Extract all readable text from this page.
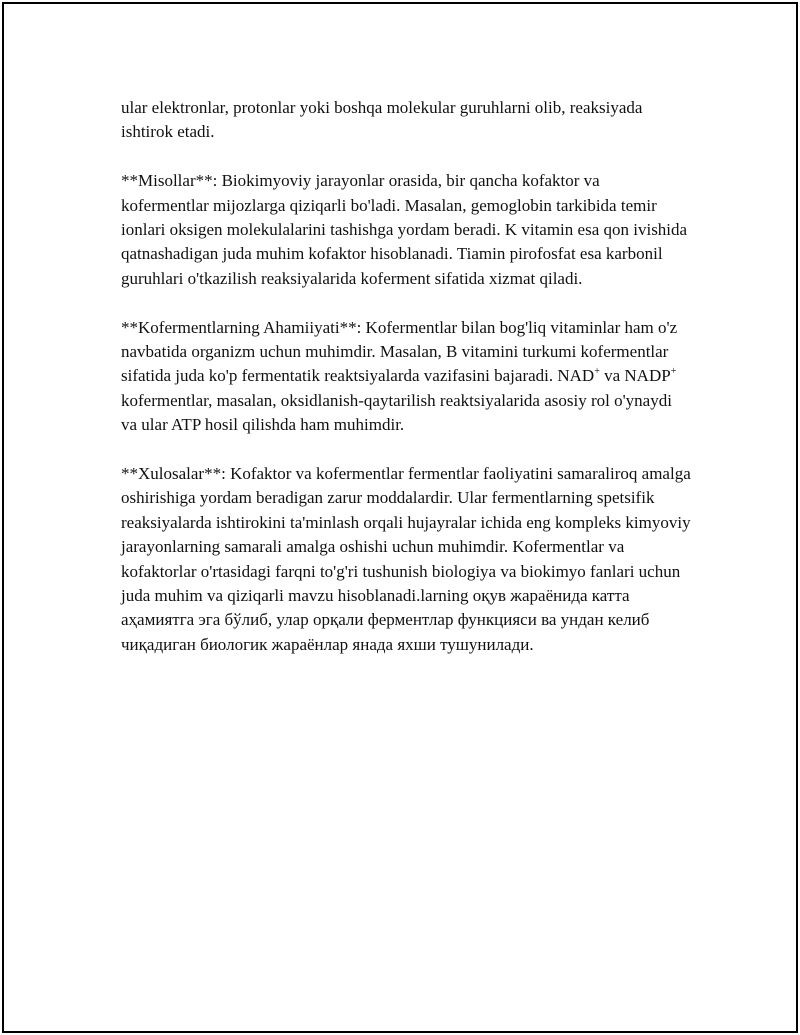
ular elektronlar, protonlar yoki boshqa molekular guruhlarni olib, reaksiyada ishtirok etadi.

**Misollar**: Biokimyoviy jarayonlar orasida, bir qancha kofaktor va kofermentlar mijozlarga qiziqarli bo'ladi. Masalan, gemoglobin tarkibida temir ionlari oksigen molekulalarini tashishga yordam beradi. K vitamin esa qon ivishida qatnashadigan juda muhim kofaktor hisoblanadi. Tiamin pirofosfat esa karbonil guruhlari o'tkazilish reaksiyalarida koferment sifatida xizmat qiladi.

**Kofermentlarning Ahamiiyati**: Kofermentlar bilan bog'liq vitaminlar ham o'z navbatida organizm uchun muhimdir. Masalan, B vitamini turkumi kofermentlar sifatida juda ko'p fermentatik reaktsiyalarda vazifasini bajaradi. NAD+ va NADP+ kofermentlar, masalan, oksidlanish-qaytarilish reaktsiyalarida asosiy rol o'ynaydi va ular ATP hosil qilishda ham muhimdir.

**Xulosalar**: Kofaktor va kofermentlar fermentlar faoliyatini samaraliroq amalga oshirishiga yordam beradigan zarur moddalardir. Ular fermentlarning spetsifik reaksiyalarda ishtirokini ta'minlash orqali hujayralar ichida eng kompleks kimyoviy jarayonlarning samarali amalga oshishi uchun muhimdir. Kofermentlar va kofaktorlar o'rtasidagi farqni to'g'ri tushunish biologiya va biokimyo fanlari uchun juda muhim va qiziqarli mavzu hisoblanadi.larning оқув жараёнида катта аҳамиятга эга бўлиб, улар орқали ферментлар функцияси ва ундан келиб чиқадиган биологик жараёнлар янада яхши тушунилади.
